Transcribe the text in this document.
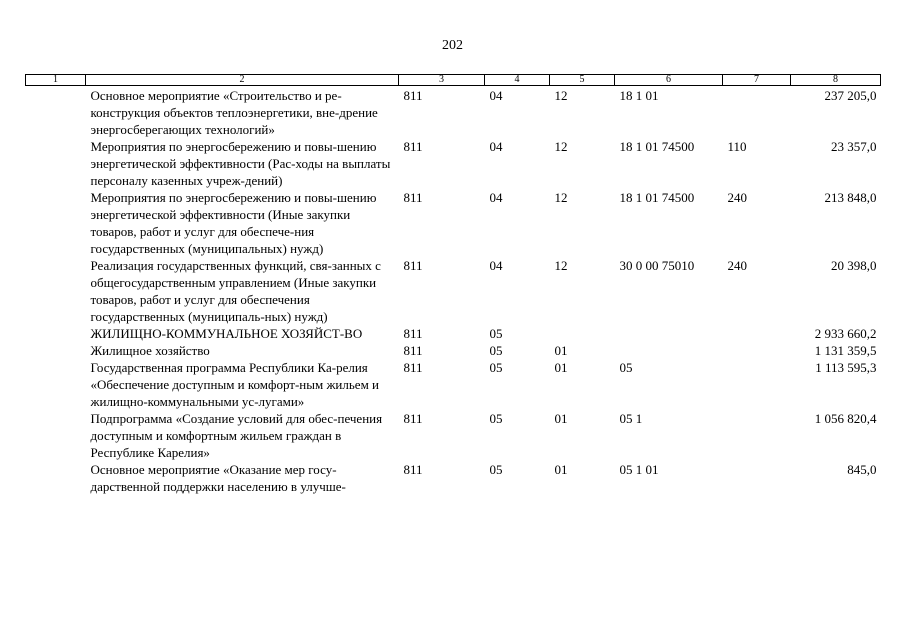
202
1	2	3	4	5	6	7	8
	Основное мероприятие «Строительство и ре-конструкция объектов теплоэнергетики, вне-дрение энергосберегающих технологий»	811	04	12	18 1 01		237 205,0
	Мероприятия по энергосбережению и повы-шению энергетической эффективности (Рас-ходы на выплаты персоналу казенных учреж-дений)	811	04	12	18 1 01 74500	110	23 357,0
	Мероприятия по энергосбережению и повы-шению энергетической эффективности (Иные закупки товаров, работ и услуг для обеспече-ния государственных (муниципальных) нужд)	811	04	12	18 1 01 74500	240	213 848,0
	Реализация государственных функций, свя-занных с общегосударственным управлением (Иные закупки товаров, работ и услуг для обеспечения государственных (муниципаль-ных) нужд)	811	04	12	30 0 00 75010	240	20 398,0
	ЖИЛИЩНО-КОММУНАЛЬНОЕ ХОЗЯЙСТ-ВО	811	05				2 933 660,2
	Жилищное хозяйство	811	05	01			1 131 359,5
	Государственная программа Республики Ка-релия «Обеспечение доступным и комфорт-ным жильем и жилищно-коммунальными ус-лугами»	811	05	01	05		1 113 595,3
	Подпрограмма «Создание условий для обес-печения доступным и комфортным жильем граждан в Республике Карелия»	811	05	01	05 1		1 056 820,4
	Основное мероприятие «Оказание мер госу-дарственной поддержки населению в улучше-	811	05	01	05 1 01		845,0
